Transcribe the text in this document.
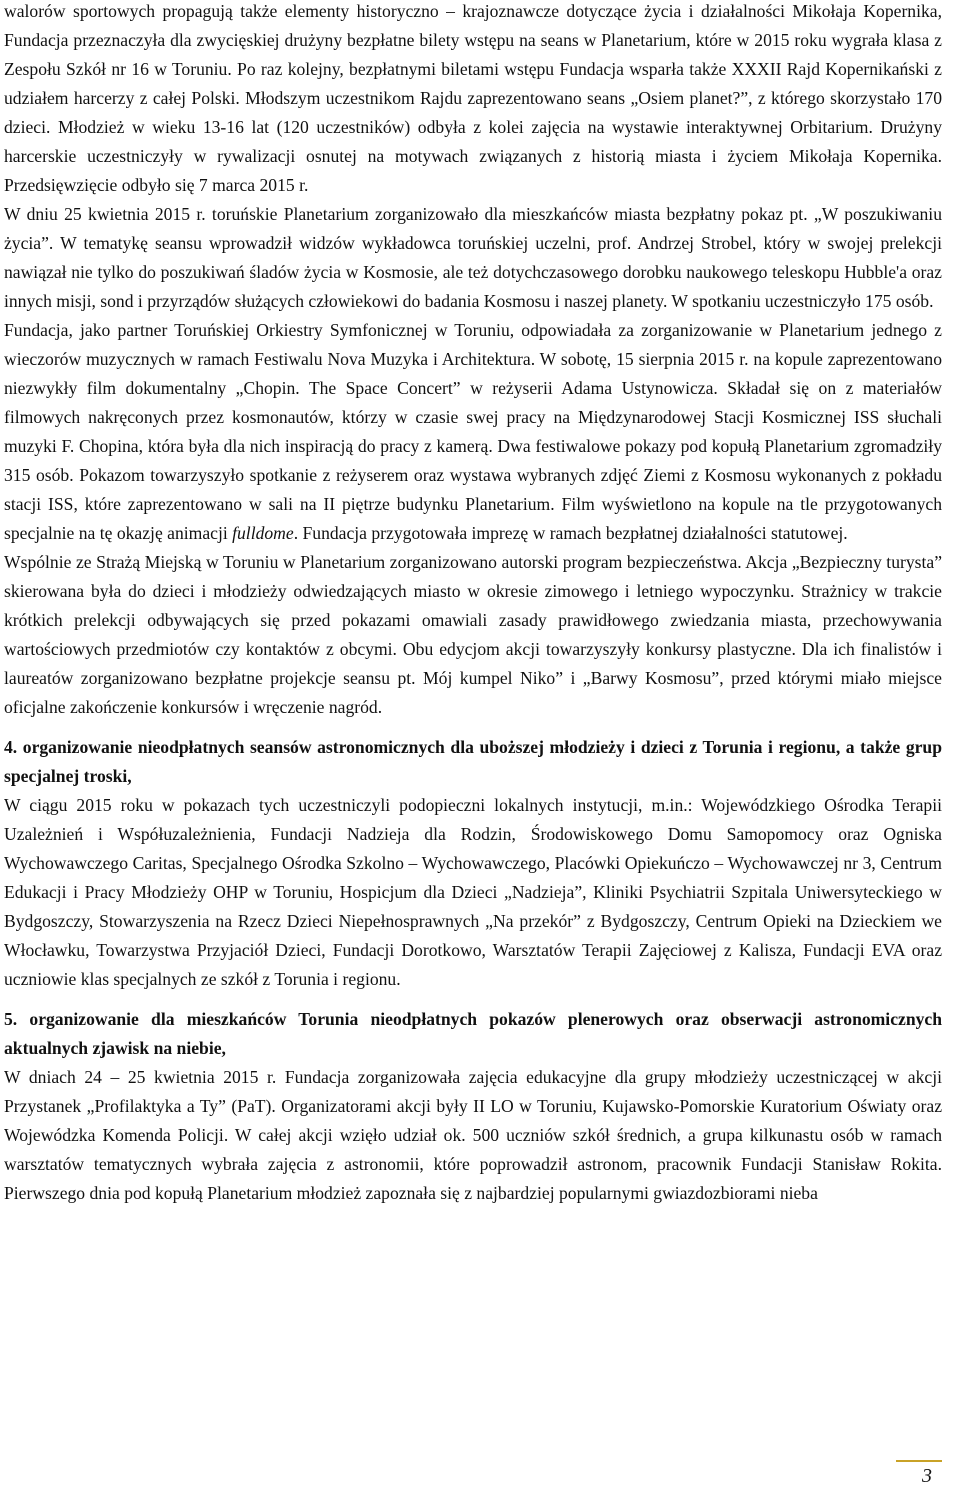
walorów sportowych propagują także elementy historyczno – krajoznawcze dotyczące życia i działalności Mikołaja Kopernika, Fundacja przeznaczyła dla zwycięskiej drużyny bezpłatne bilety wstępu na seans w Planetarium, które w 2015 roku wygrała klasa z Zespołu Szkół nr 16 w Toruniu. Po raz kolejny, bezpłatnymi biletami wstępu Fundacja wsparła także XXXII Rajd Kopernikański z udziałem harcerzy z całej Polski. Młodszym uczestnikom Rajdu zaprezentowano seans „Osiem planet?”, z którego skorzystało 170 dzieci. Młodzież w wieku 13-16 lat (120 uczestników) odbyła z kolei zajęcia na wystawie interaktywnej Orbitarium. Drużyny harcerskie uczestniczyły w rywalizacji osnutej na motywach związanych z historią miasta i życiem Mikołaja Kopernika. Przedsięwzięcie odbyło się 7 marca 2015 r.

W dniu 25 kwietnia 2015 r. toruńskie Planetarium zorganizowało dla mieszkańców miasta bezpłatny pokaz pt. „W poszukiwaniu życia”. W tematykę seansu wprowadził widzów wykładowca toruńskiej uczelni, prof. Andrzej Strobel, który w swojej prelekcji nawiązał nie tylko do poszukiwań śladów życia w Kosmosie, ale też dotychczasowego dorobku naukowego teleskopu Hubble'a oraz innych misji, sond i przyrządów służących człowiekowi do badania Kosmosu i naszej planety. W spotkaniu uczestniczyło 175 osób.

Fundacja, jako partner Toruńskiej Orkiestry Symfonicznej w Toruniu, odpowiadała za zorganizowanie w Planetarium jednego z wieczorów muzycznych w ramach Festiwalu Nova Muzyka i Architektura. W sobotę, 15 sierpnia 2015 r. na kopule zaprezentowano niezwykły film dokumentalny „Chopin. The Space Concert” w reżyserii Adama Ustynowicza. Składał się on z materiałów filmowych nakręconych przez kosmonautów, którzy w czasie swej pracy na Międzynarodowej Stacji Kosmicznej ISS słuchali muzyki F. Chopina, która była dla nich inspiracją do pracy z kamerą. Dwa festiwalowe pokazy pod kopułą Planetarium zgromadziły 315 osób. Pokazom towarzyszyło spotkanie z reżyserem oraz wystawa wybranych zdjęć Ziemi z Kosmosu wykonanych z pokładu stacji ISS, które zaprezentowano w sali na II piętrze budynku Planetarium. Film wyświetlono na kopule na tle przygotowanych specjalnie na tę okazję animacji fulldome. Fundacja przygotowała imprezę w ramach bezpłatnej działalności statutowej.

Wspólnie ze Strażą Miejską w Toruniu w Planetarium zorganizowano autorski program bezpieczeństwa. Akcja „Bezpieczny turysta” skierowana była do dzieci i młodzieży odwiedzających miasto w okresie zimowego i letniego wypoczynku. Strażnicy w trakcie krótkich prelekcji odbywających się przed pokazami omawiali zasady prawidłowego zwiedzania miasta, przechowywania wartościowych przedmiotów czy kontaktów z obcymi. Obu edycjom akcji towarzyszyły konkursy plastyczne. Dla ich finalistów i laureatów zorganizowano bezpłatne projekcje seansu pt. Mój kumpel Niko” i „Barwy Kosmosu”, przed którymi miało miejsce oficjalne zakończenie konkursów i wręczenie nagród.

4. organizowanie nieodpłatnych seansów astronomicznych dla uboższej młodzieży i dzieci z Torunia i regionu, a także grup specjalnej troski,

W ciągu 2015 roku w pokazach tych uczestniczyli podopieczni lokalnych instytucji, m.in.: Wojewódzkiego Ośrodka Terapii Uzależnień i Współuzależnienia, Fundacji Nadzieja dla Rodzin, Środowiskowego Domu Samopomocy oraz Ogniska Wychowawczego Caritas, Specjalnego Ośrodka Szkolno – Wychowawczego, Placówki Opiekuńczo – Wychowawczej nr 3, Centrum Edukacji i Pracy Młodzieży OHP w Toruniu, Hospicjum dla Dzieci „Nadzieja”, Kliniki Psychiatrii Szpitala Uniwersyteckiego w Bydgoszczy, Stowarzyszenia na Rzecz Dzieci Niepełnosprawnych „Na przekór” z Bydgoszczy, Centrum Opieki na Dzieckiem we Włocławku, Towarzystwa Przyjaciół Dzieci, Fundacji Dorotkowo, Warsztatów Terapii Zajęciowej z Kalisza, Fundacji EVA oraz uczniowie klas specjalnych ze szkół z Torunia i regionu.

5. organizowanie dla mieszkańców Torunia nieodpłatnych pokazów plenerowych oraz obserwacji astronomicznych aktualnych zjawisk na niebie,

W dniach 24 – 25 kwietnia 2015 r. Fundacja zorganizowała zajęcia edukacyjne dla grupy młodzieży uczestniczącej w akcji Przystanek „Profilaktyka a Ty” (PaT). Organizatorami akcji były II LO w Toruniu, Kujawsko-Pomorskie Kuratorium Oświaty oraz Wojewódzka Komenda Policji. W całej akcji wzięło udział ok. 500 uczniów szkół średnich, a grupa kilkunastu osób w ramach warsztatów tematycznych wybrała zajęcia z astronomii, które poprowadził astronom, pracownik Fundacji Stanisław Rokita. Pierwszego dnia pod kopułą Planetarium młodzież zapoznała się z najbardziej popularnymi gwiazdozbiorami nieba

3
